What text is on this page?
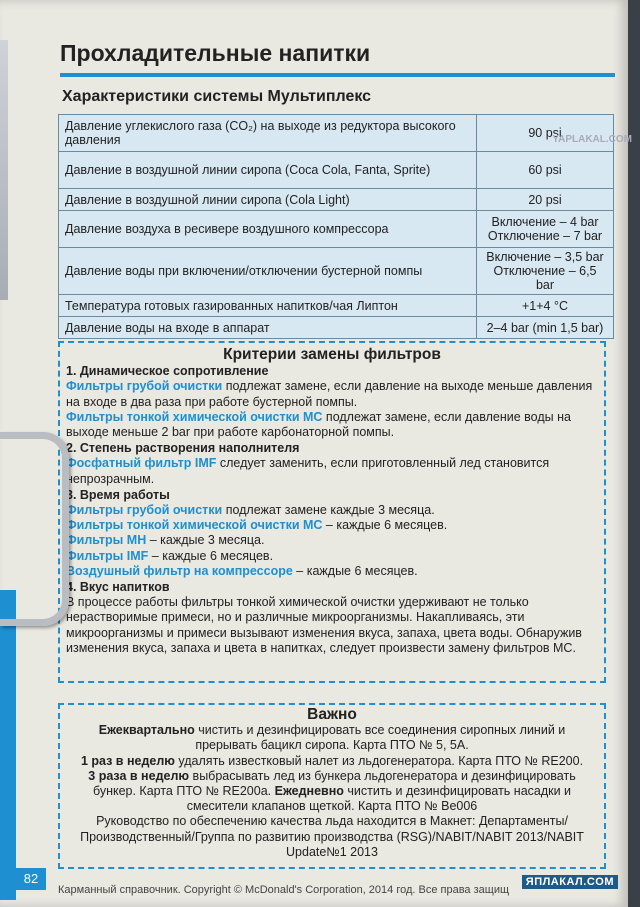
Прохладительные напитки
Характеристики системы Мультиплекс
Давление углекислого газа (CO₂) на выходе из редуктора высокого давления	90 psi
Давление в воздушной линии сиропа (Coca Cola, Fanta, Sprite)	60 psi
Давление в воздушной линии сиропа (Cola Light)	20 psi
Давление воздуха в ресивере воздушного компрессора	Включение – 4 bar
Отключение – 7 bar

Давление воды при включении/отключении бустерной помпы	Включение – 3,5 bar
Отключение – 6,5 bar

Температура готовых газированных напитков/чая Липтон	+1+4 °C
Давление воды на входе в аппарат	2–4 bar (min 1,5 bar)
Критерии замены фильтров
1. Динамическое сопротивление
Фильтры грубой очистки подлежат замене, если давление на выходе меньше давления на входе в два раза при работе бустерной помпы.
Фильтры тонкой химической очистки МС подлежат замене, если давление воды на выходе меньше 2 bar при работе карбонаторной помпы.
2. Степень растворения наполнителя
Фосфатный фильтр IMF следует заменить, если приготовленный лед становится непрозрачным.
3. Время работы
Фильтры грубой очистки подлежат замене каждые 3 месяца.
Фильтры тонкой химической очистки МС – каждые 6 месяцев.
Фильтры МН – каждые 3 месяца.
Фильтры IMF – каждые 6 месяцев.
Воздушный фильтр на компрессоре – каждые 6 месяцев.
4. Вкус напитков
В процессе работы фильтры тонкой химической очистки удерживают не только нерастворимые примеси, но и различные микроорганизмы. Накапливаясь, эти микроорганизмы и примеси вызывают изменения вкуса, запаха, цвета воды. Обнаружив изменения вкуса, запаха и цвета в напитках, следует произвести замену фильтров МС.
Важно
Ежеквартально чистить и дезинфицировать все соединения сиропных линий и прерывать бацикл сиропа. Карта ПТО № 5, 5А.
1 раз в неделю удалять известковый налет из льдогенератора. Карта ПТО № RE200.
3 раза в неделю выбрасывать лед из бункера льдогенератора и дезинфицировать бункер. Карта ПТО № RE200а. Ежедневно чистить и дезинфицировать насадки и смесители клапанов щеткой. Карта ПТО № Ве006
Руководство по обеспечению качества льда находится в Макнет: Департаменты/Производственный/Группа по развитию производства (RSG)/NABIT/NABIT 2013/NABIT Update№1 2013
82
Карманный справочник. Copyright © McDonald's Corporation, 2014 год. Все права защищ
YAPLAKAL.COM
ЯПЛАКАЛ.COM
